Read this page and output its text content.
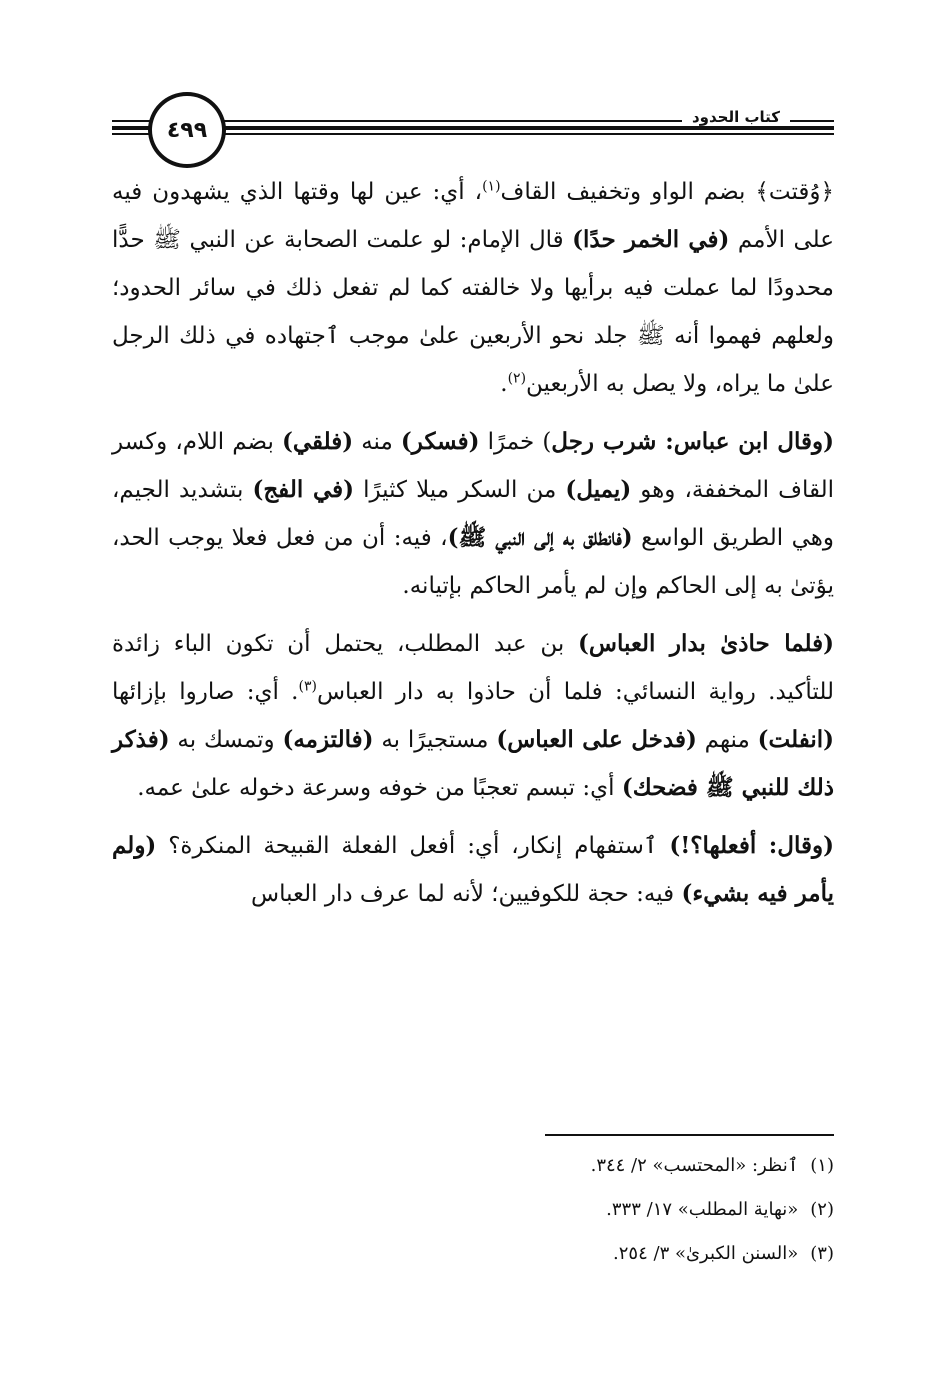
٤٩٩
كتاب الحدود

﴿وُقتت﴾ بضم الواو وتخفيف القاف$^{(١)}$، أي: عين لها وقتها الذي يشهدون فيه على الأمم (في الخمر حدًا) قال الإمام: لو علمت الصحابة عن النبي ﷺ حدًّا محدودًا لما عملت فيه برأيها ولا خالفته كما لم تفعل ذلك في سائر الحدود؛ ولعلهم فهموا أنه ﷺ جلد نحو الأربعين علىٰ موجب ٱجتهاده في ذلك الرجل علىٰ ما يراه، ولا يصل به الأربعين$^{(٢)}$.

(وقال ابن عباس: شرب رجل) خمرًا (فسكر) منه (فلقي) بضم اللام، وكسر القاف المخففة، وهو (يميل) من السكر ميلا كثيرًا (في الفج) بتشديد الجيم، وهي الطريق الواسع (فانطلق به إلى النبي ﷺ)، فيه: أن من فعل فعلا يوجب الحد، يؤتىٰ به إلى الحاكم وإن لم يأمر الحاكم بإتيانه.

(فلما حاذىٰ بدار العباس) بن عبد المطلب، يحتمل أن تكون الباء زائدة للتأكيد. رواية النسائي: فلما أن حاذوا به دار العباس$^{(٣)}$. أي: صاروا بإزائها (انفلت) منهم (فدخل على العباس) مستجيرًا به (فالتزمه) وتمسك به (فذكر ذلك للنبي ﷺ فضحك) أي: تبسم تعجبًا من خوفه وسرعة دخوله علىٰ عمه.

(وقال: أفعلها؟!) ٱستفهام إنكار، أي: أفعل الفعلة القبيحة المنكرة؟ (ولم يأمر فيه بشيء) فيه: حجة للكوفيين؛ لأنه لما عرف دار العباس

(١)ٱنظر: «المحتسب» ٢/ ٣٤٤.
(٢)«نهاية المطلب» ١٧/ ٣٣٣.
(٣)«السنن الكبرىٰ» ٣/ ٢٥٤.
